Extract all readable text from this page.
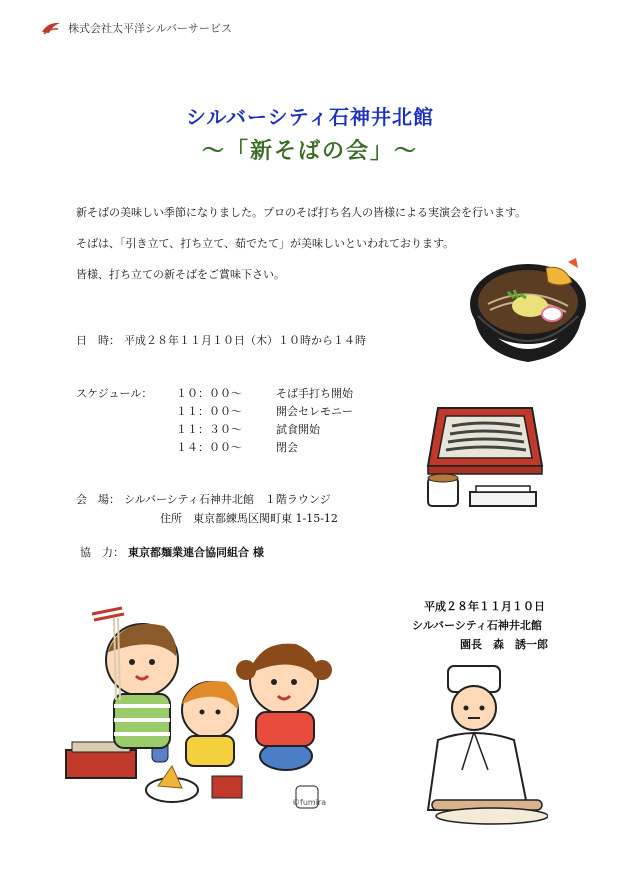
株式会社太平洋シルバーサービス
シルバーシティ石神井北館
～「新そばの会」～
新そばの美味しい季節になりました。プロのそば打ち名人の皆様による実演会を行います。
そばは、「引き立て、打ち立て、茹でたて」が美味しいといわれております。
皆様、打ち立ての新そばをご賞味下さい。
日　時： 平成２８年１１月１０日（木）１０時から１４時
スケジュール： １０：００～	そば手打ち開始
１１：００～	開会セレモニー
１１：３０～	試食開始
１４：００～	閉会
会　場： シルバーシティ石神井北館　１階ラウンジ
住所　東京都練馬区関町東 1-15-12
協　力： 東京都麺業連合協同組合 様
©fumira
平成２８年１１月１０日
シルバーシティ石神井北館
園長　森　誘一郎
